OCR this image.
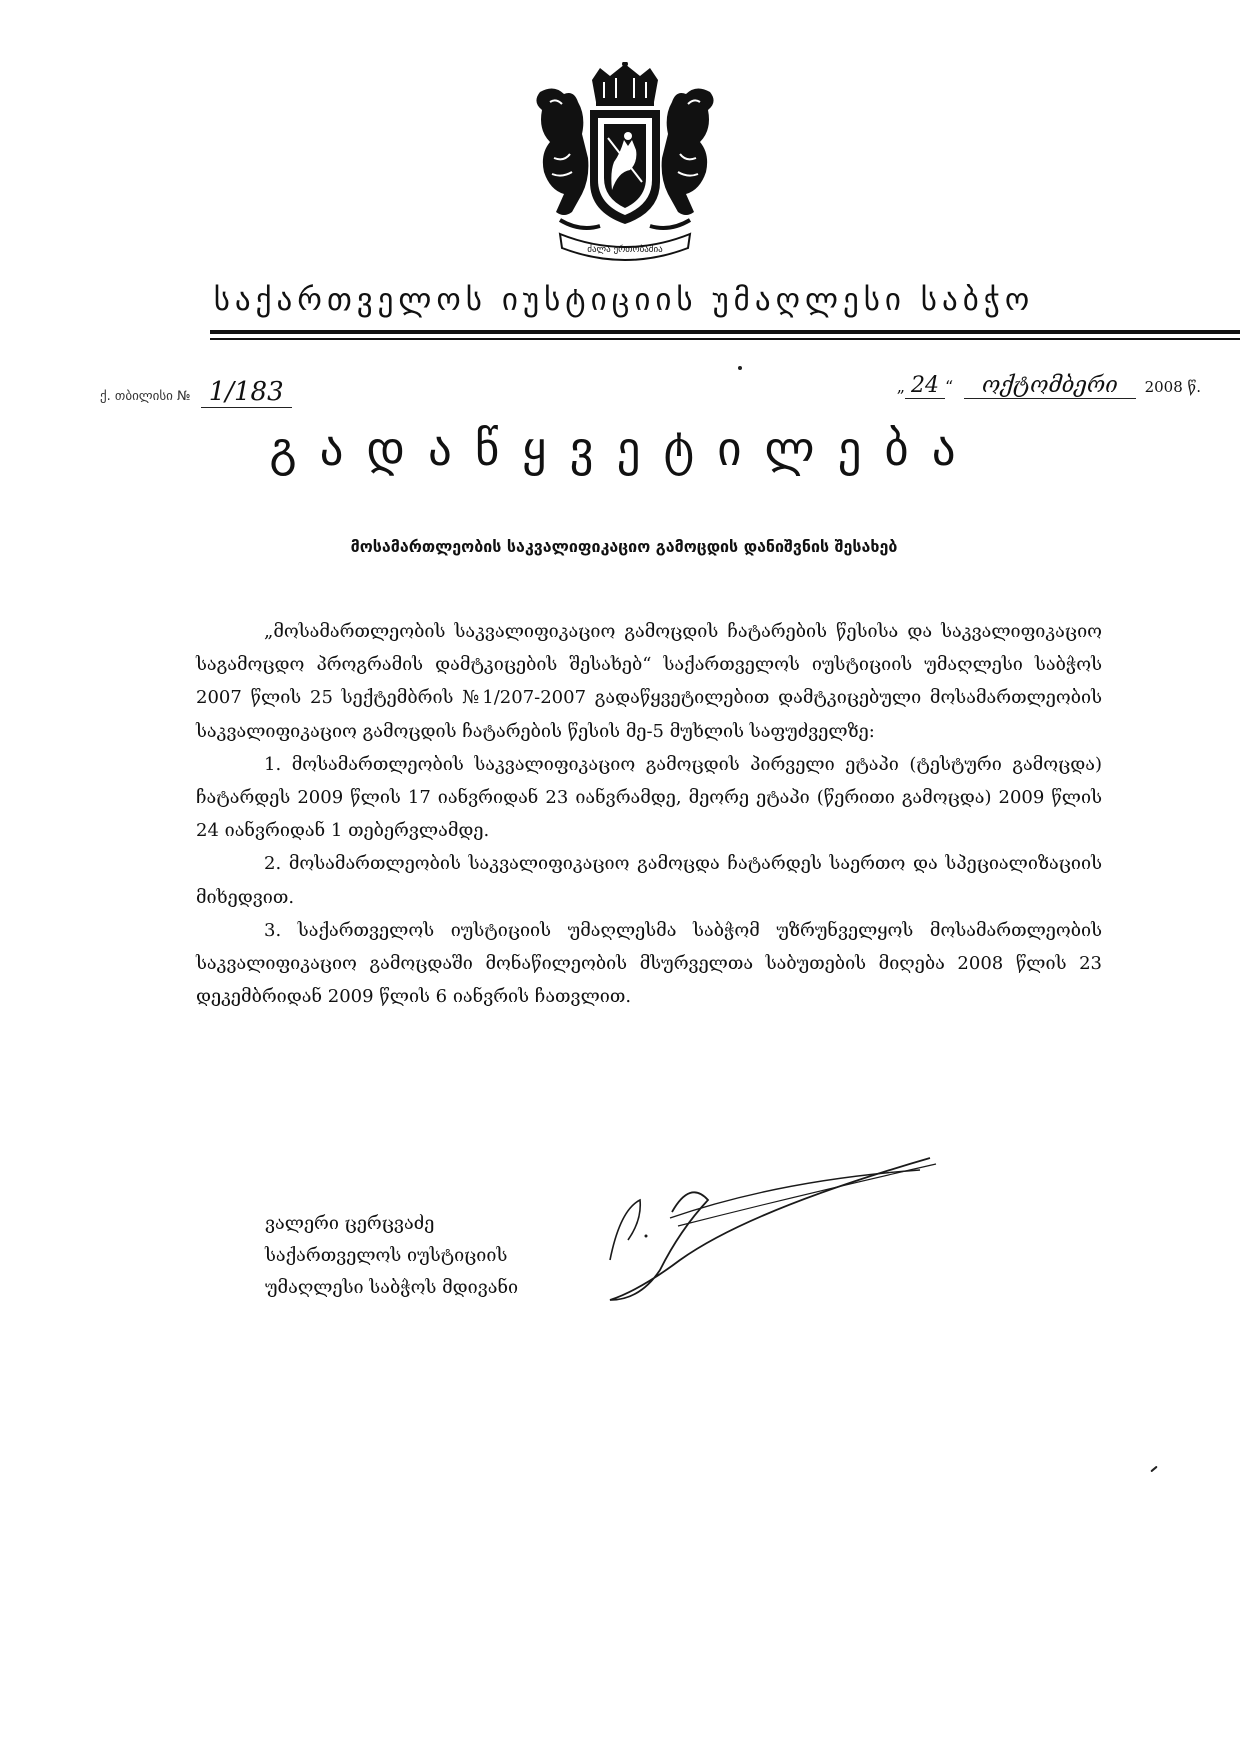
ძალა ერთობაშია
საქართველოს იუსტიციის უმაღლესი საბჭო
ქ. თბილისი № 1/183	„ 24 “ ოქტომბერი 2008 წ.
გადაწყვეტილება
მოსამართლეობის საკვალიფიკაციო გამოცდის დანიშვნის შესახებ

„მოსამართლეობის საკვალიფიკაციო გამოცდის ჩატარების წესისა და საკვალიფიკაციო საგამოცდო პროგრამის დამტკიცების შესახებ“ საქართველოს იუსტიციის უმაღლესი საბჭოს 2007 წლის 25 სექტემბრის №1/207-2007 გადაწყვეტილებით დამტკიცებული მოსამართლეობის საკვალიფიკაციო გამოცდის ჩატარების წესის მე-5 მუხლის საფუძველზე:

1. მოსამართლეობის საკვალიფიკაციო გამოცდის პირველი ეტაპი (ტესტური გამოცდა) ჩატარდეს 2009 წლის 17 იანვრიდან 23 იანვრამდე, მეორე ეტაპი (წერითი გამოცდა) 2009 წლის 24 იანვრიდან 1 თებერვლამდე.

2. მოსამართლეობის საკვალიფიკაციო გამოცდა ჩატარდეს საერთო და სპეციალიზაციის მიხედვით.

3. საქართველოს იუსტიციის უმაღლესმა საბჭომ უზრუნველყოს მოსამართლეობის საკვალიფიკაციო გამოცდაში მონაწილეობის მსურველთა საბუთების მიღება 2008 წლის 23 დეკემბრიდან 2009 წლის 6 იანვრის ჩათვლით.

ვალერი ცერცვაძე
საქართველოს იუსტიციის
უმაღლესი საბჭოს მდივანი
